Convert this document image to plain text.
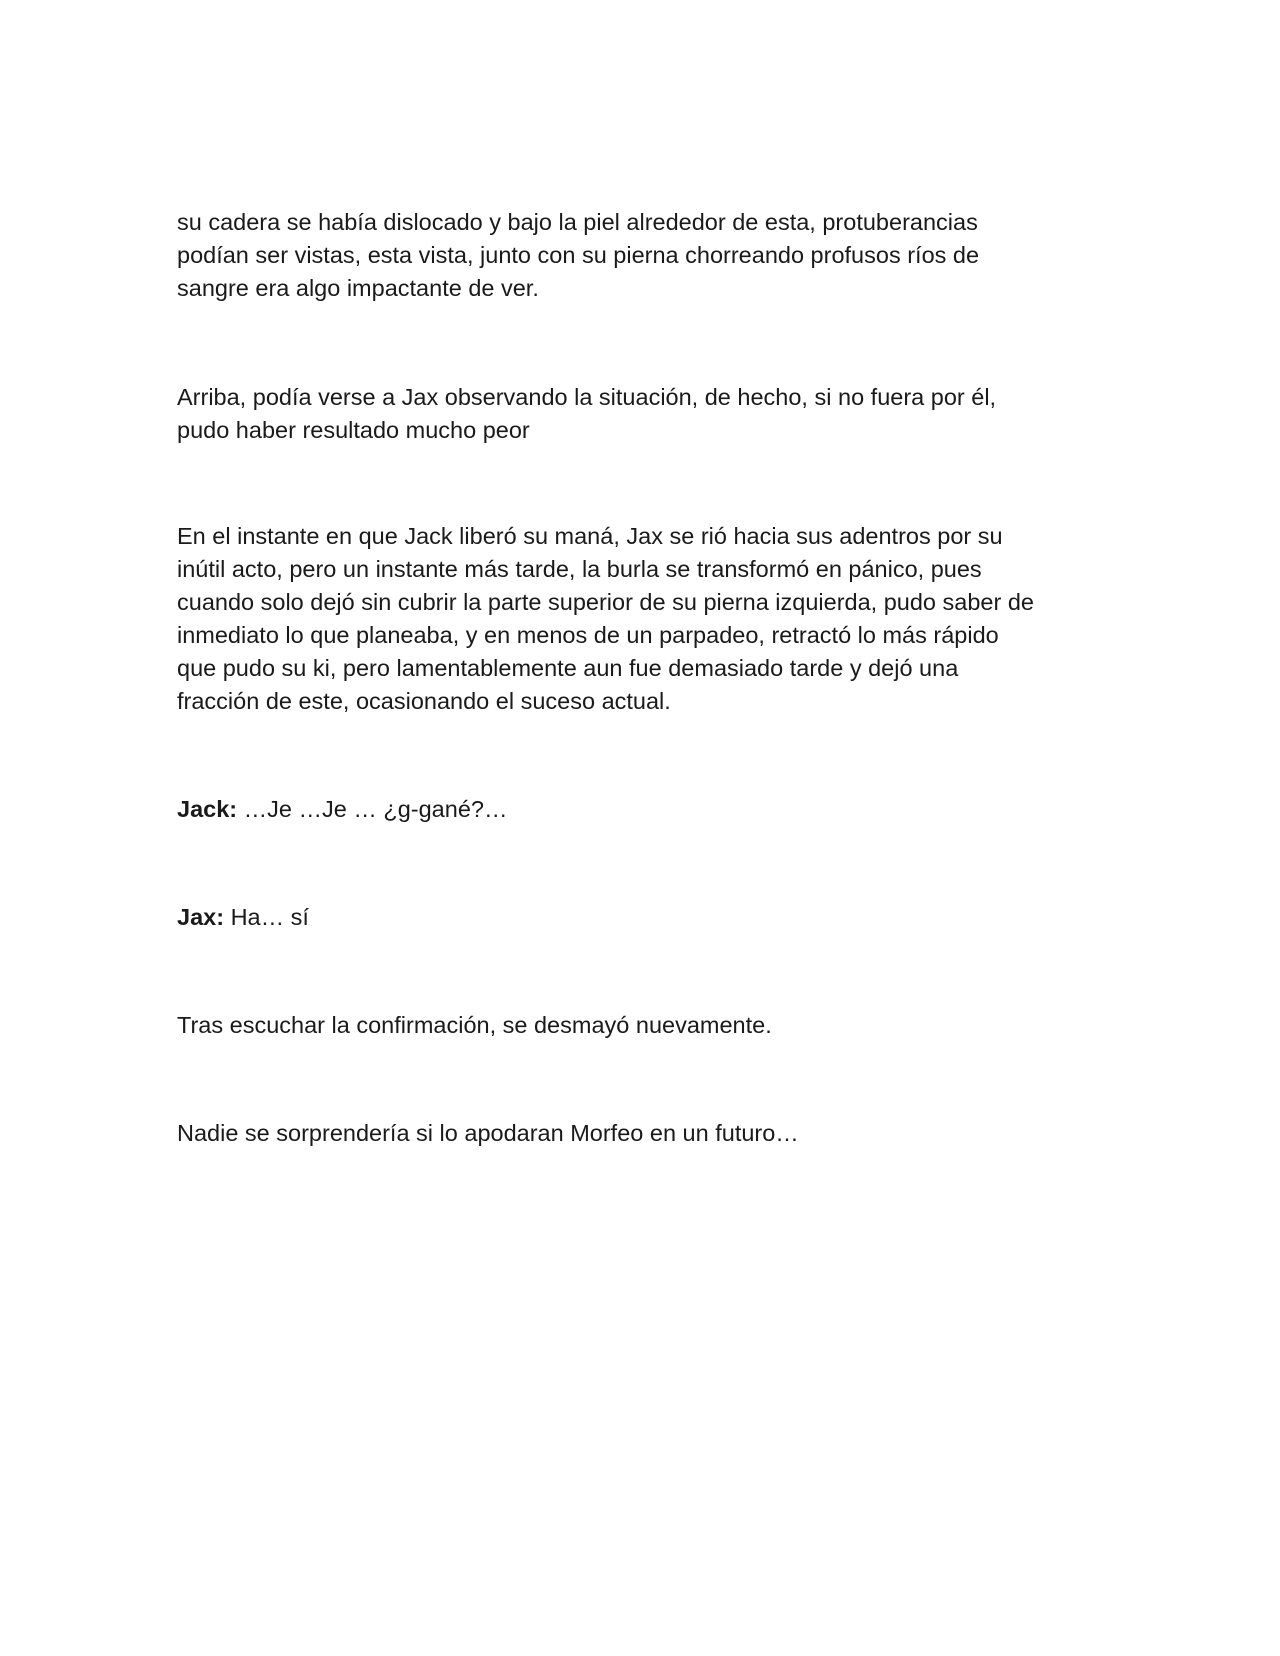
su cadera se había dislocado y bajo la piel alrededor de esta, protuberancias
podían ser vistas, esta vista, junto con su pierna chorreando profusos ríos de
sangre era algo impactante de ver.

Arriba, podía verse a Jax observando la situación, de hecho, si no fuera por él,
pudo haber resultado mucho peor

En el instante en que Jack liberó su maná, Jax se rió hacia sus adentros por su
inútil acto, pero un instante más tarde, la burla se transformó en pánico, pues
cuando solo dejó sin cubrir la parte superior de su pierna izquierda, pudo saber de
inmediato lo que planeaba, y en menos de un parpadeo, retractó lo más rápido
que pudo su ki, pero lamentablemente aun fue demasiado tarde y dejó una
fracción de este, ocasionando el suceso actual.

Jack: …Je …Je … ¿g-gané?…

Jax: Ha… sí

Tras escuchar la confirmación, se desmayó nuevamente.

Nadie se sorprendería si lo apodaran Morfeo en un futuro…
